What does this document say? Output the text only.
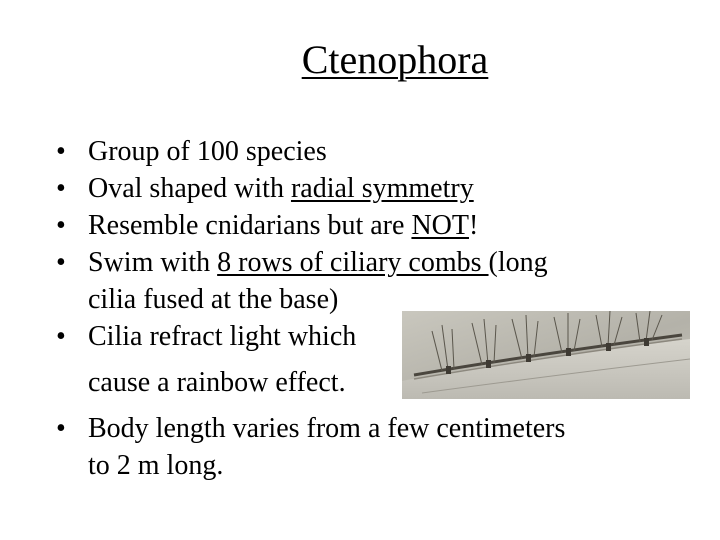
Ctenophora
• Group of 100 species
• Oval shaped with radial symmetry
• Resemble cnidarians but are NOT!
• Swim with 8 rows of ciliary combs (long
cilia fused at the base)
• Cilia refract light which
cause a rainbow effect.
• Body length varies from a few centimeters
to 2 m long.
